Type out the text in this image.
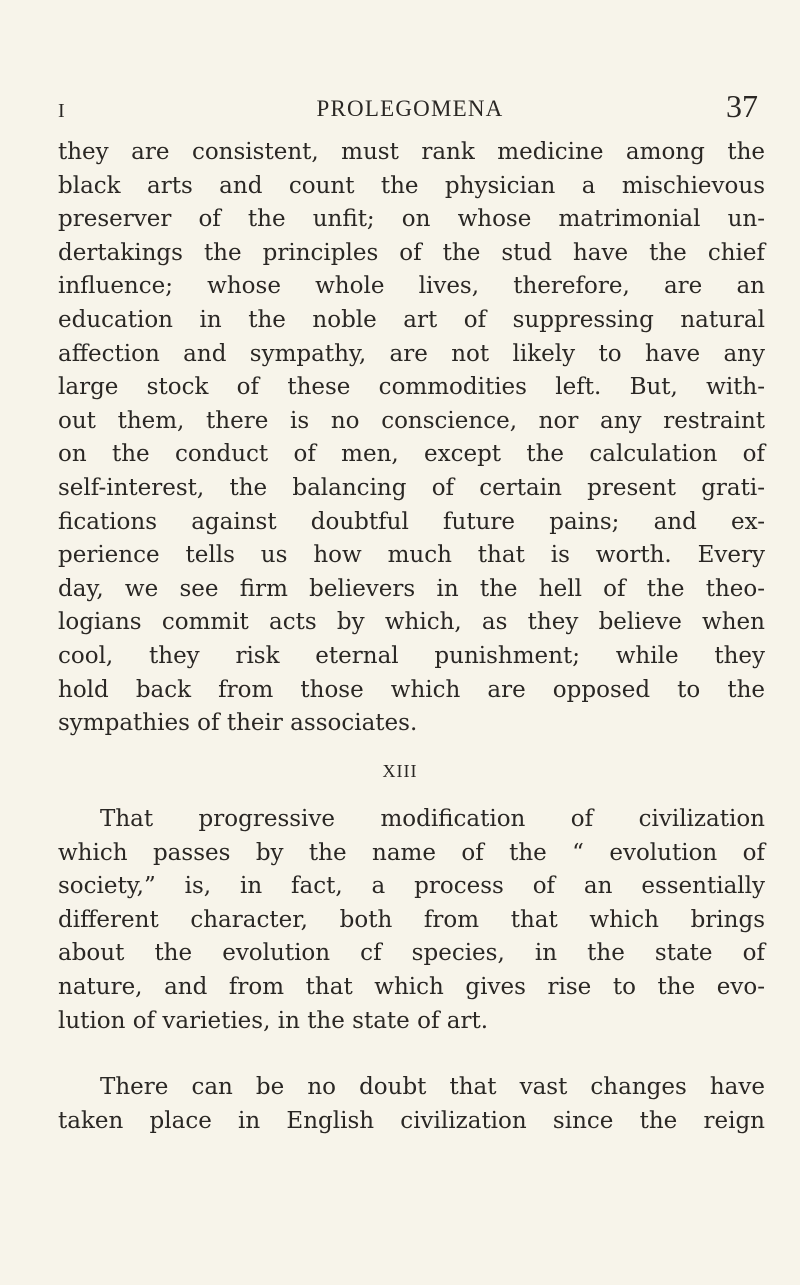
I	PROLEGOMENA	37
they are consistent, must rank medicine among the
black arts and count the physician a mischievous
preserver of the unfit; on whose matrimonial un-
dertakings the principles of the stud have the chief
influence; whose whole lives, therefore, are an
education in the noble art of suppressing natural
affection and sympathy, are not likely to have any
large stock of these commodities left. But, with-
out them, there is no conscience, nor any restraint
on the conduct of men, except the calculation of
self-interest, the balancing of certain present grati-
fications against doubtful future pains; and ex-
perience tells us how much that is worth. Every
day, we see firm believers in the hell of the theo-
logians commit acts by which, as they believe when
cool, they risk eternal punishment; while they
hold back from those which are opposed to the
sympathies of their associates.
XIII
That progressive modification of civilization
which passes by the name of the “ evolution of
society,” is, in fact, a process of an essentially
different character, both from that which brings
about the evolution cf species, in the state of
nature, and from that which gives rise to the evo-
lution of varieties, in the state of art.
There can be no doubt that vast changes have
taken place in English civilization since the reign
